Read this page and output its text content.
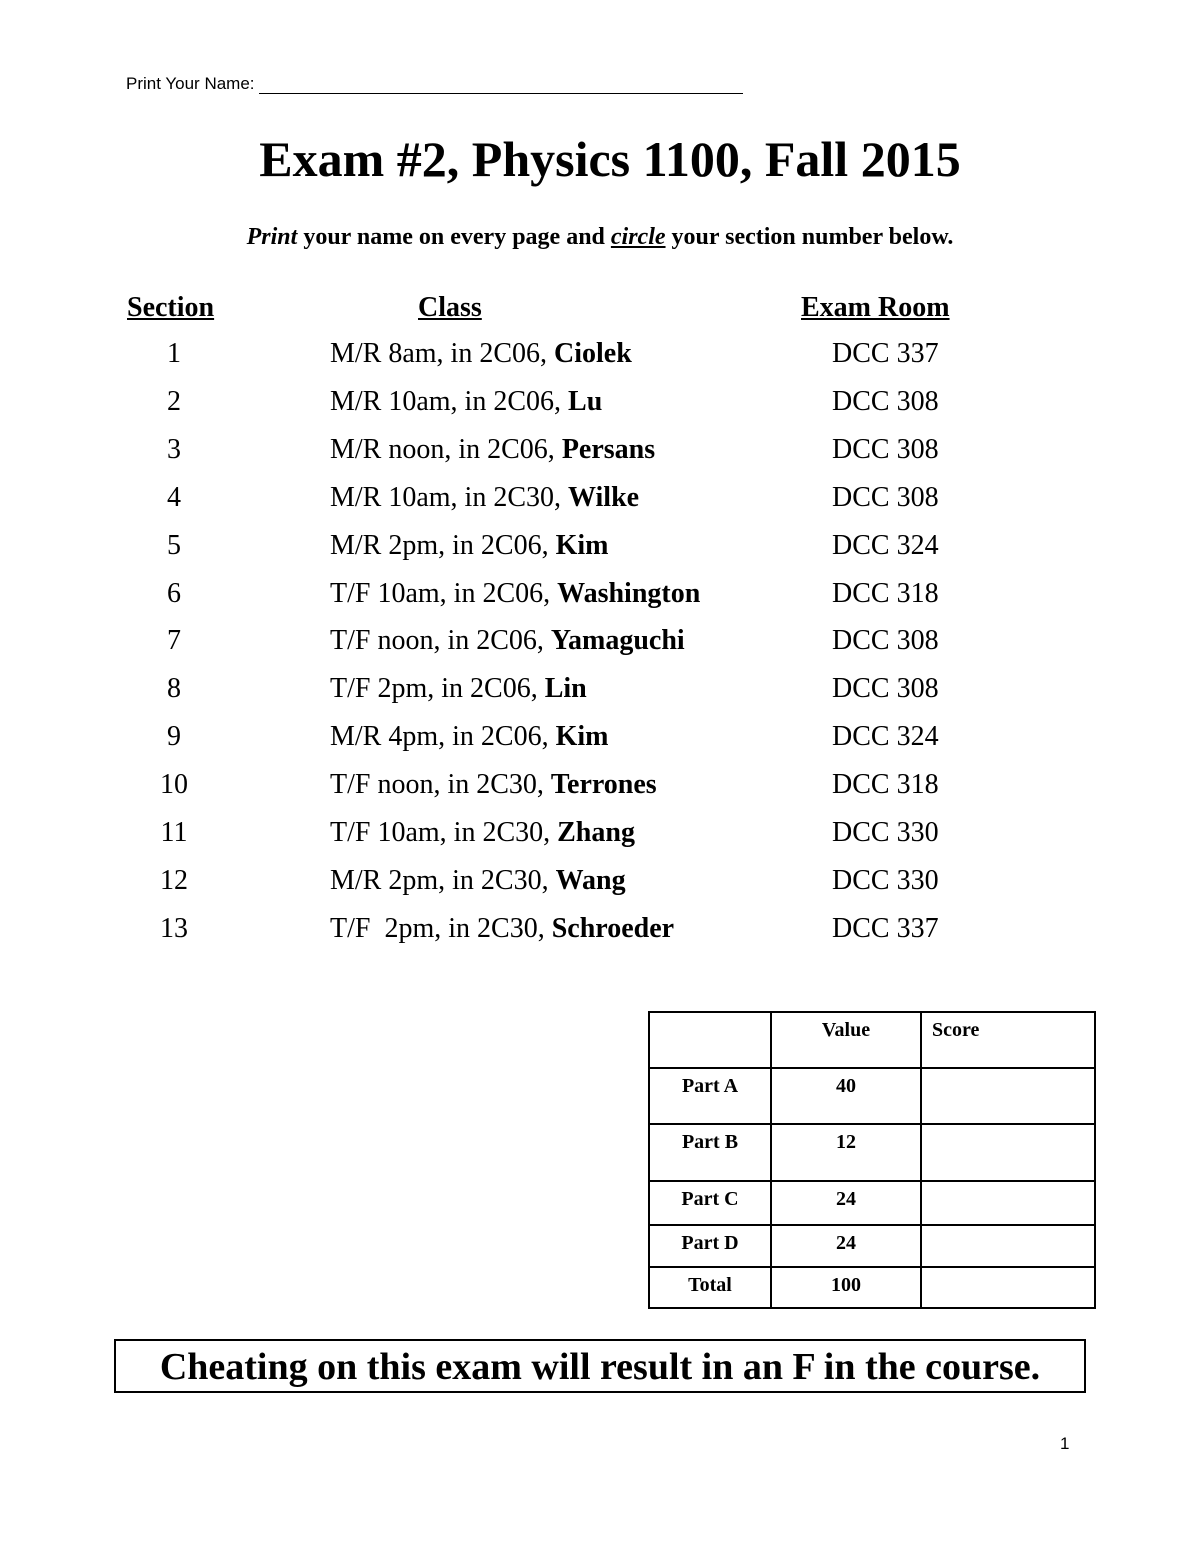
Print Your Name:
Exam #2, Physics 1100, Fall 2015
Print your name on every page and circle your section number below.
Section	Class	Exam Room
1	M/R 8am, in 2C06, Ciolek	DCC 337
2	M/R 10am, in 2C06, Lu	DCC 308
3	M/R noon, in 2C06, Persans	DCC 308
4	M/R 10am, in 2C30, Wilke	DCC 308
5	M/R 2pm, in 2C06, Kim	DCC 324
6	T/F 10am, in 2C06, Washington	DCC 318
7	T/F noon, in 2C06, Yamaguchi	DCC 308
8	T/F 2pm, in 2C06, Lin	DCC 308
9	M/R 4pm, in 2C06, Kim	DCC 324
10	T/F noon, in 2C30, Terrones	DCC 318
11	T/F 10am, in 2C30, Zhang	DCC 330
12	M/R 2pm, in 2C30, Wang	DCC 330
13	T/F  2pm, in 2C30, Schroeder	DCC 337
	Value	Score
Part A	40	
Part B	12	
Part C	24	
Part D	24	
Total	100	
Cheating on this exam will result in an F in the course.
1
